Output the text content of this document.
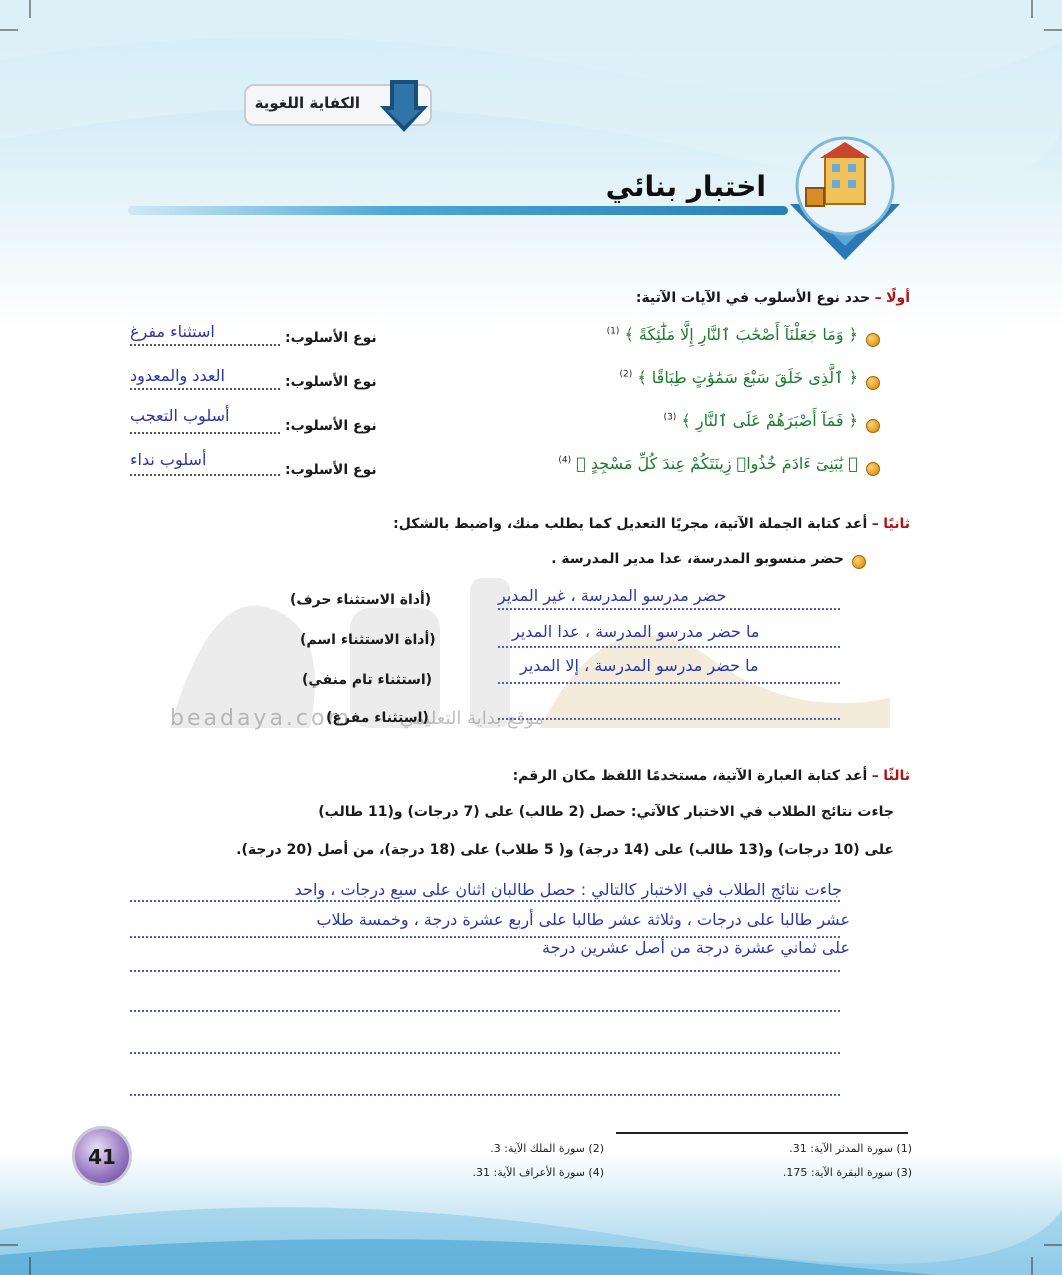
الكفاية اللغوية
اختبار بنائي
beadaya.com	موقع بداية التعليمي
أولًا – حدد نوع الأسلوب في الآيات الآتية:
﴿ وَمَا جَعَلْنَآ أَصْحَٰبَ ٱلنَّارِ إِلَّا مَلَٰٓئِكَةً ﴾ $^{(1)}$
نوع الأسلوب:
استثناء مفرغ
﴿ ٱلَّذِى خَلَقَ سَبْعَ سَمَٰوَٰتٍ طِبَاقًا ﴾ $^{(2)}$
نوع الأسلوب:
العدد والمعدود
﴿ فَمَآ أَصْبَرَهُمْ عَلَى ٱلنَّارِ ﴾ $^{(3)}$
نوع الأسلوب:
أسلوب التعجب
﴿ يَٰبَنِىٓ ءَادَمَ خُذُوا۟ زِينَتَكُمْ عِندَ كُلِّ مَسْجِدٍ ﴾ $^{(4)}$
نوع الأسلوب:
أسلوب نداء
ثانيًا – أعد كتابة الجملة الآتية، مجريًا التعديل كما يطلب منك، واضبط بالشكل:
حضر منسوبو المدرسة، عدا مدير المدرسة .
حضر مدرسو المدرسة ، غير المدير
(أداة الاستثناء حرف)
ما حضر مدرسو المدرسة ، عدا المدير
(أداة الاستثناء اسم)
ما حضر مدرسو المدرسة ، إلا المدير
(استثناء تام منفي)
(استثناء مفرغ)
ثالثًا – أعد كتابة العبارة الآتية، مستخدمًا اللفظ مكان الرقم:
جاءت نتائج الطلاب في الاختبار كالآتي: حصل (2 طالب) على (7 درجات) و(11 طالب)
على (10 درجات) و(13 طالب) على (14 درجة) و( 5 طلاب) على (18 درجة)، من أصل (20 درجة).
جاءت نتائج الطلاب في الاختبار كالتالي : حصل طالبان اثنان على سبع درجات ، واحد
عشر طالبا على درجات ، وثلاثة عشر طالبا على أربع عشرة درجة ، وخمسة طلاب
على ثماني عشرة درجة من أصل عشرين درجة
(1) سورة المدثر الآية: 31.
(2) سورة الملك الآية: 3.
(3) سورة البقرة الآية: 175.
(4) سورة الأعراف الآية: 31.
41
